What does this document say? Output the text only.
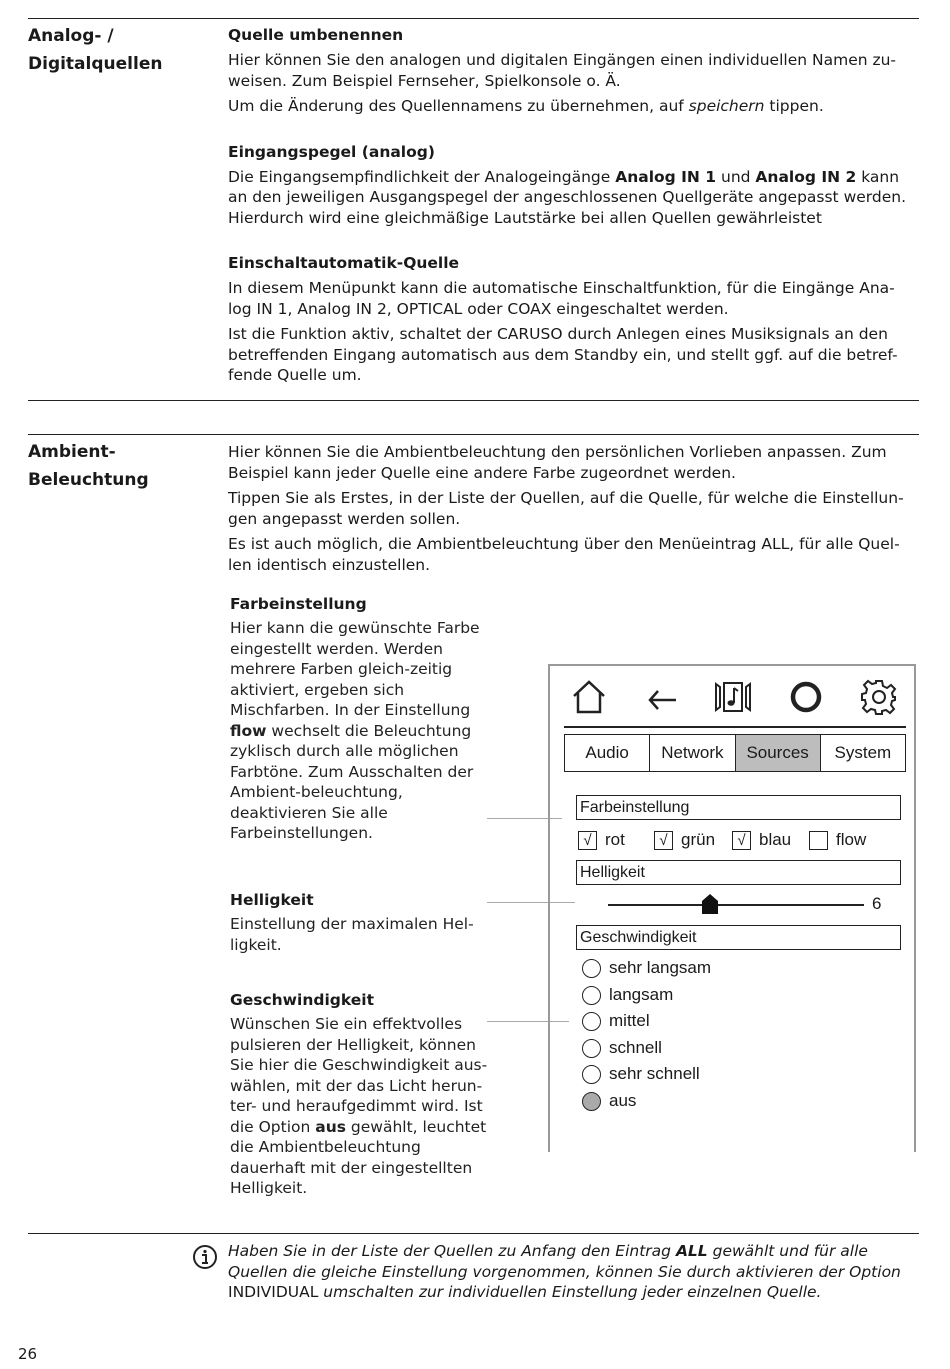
Analog- /
Digitalquellen
Quelle umbenennen

Hier können Sie den analogen und digitalen Eingängen einen individuellen Namen zu-weisen. Zum Beispiel Fernseher, Spielkonsole o. Ä.

Um die Änderung des Quellennamens zu übernehmen, auf speichern tippen.

Eingangspegel (analog)

Die Eingangsempfindlichkeit der Analogeingänge Analog IN 1 und Analog IN 2 kann an den jeweiligen Ausgangspegel der angeschlossenen Quellgeräte angepasst werden. Hierdurch wird eine gleichmäßige Lautstärke bei allen Quellen gewährleistet

Einschaltautomatik-Quelle

In diesem Menüpunkt kann die automatische Einschaltfunktion, für die Eingänge Ana-log IN 1, Analog IN 2, OPTICAL oder COAX eingeschaltet werden.

Ist die Funktion aktiv, schaltet der CARUSO durch Anlegen eines Musiksignals an den betreffenden Eingang automatisch aus dem Standby ein, und stellt ggf. auf die betref-fende Quelle um.

Ambient-
Beleuchtung

Hier können Sie die Ambientbeleuchtung den persönlichen Vorlieben anpassen. Zum Beispiel kann jeder Quelle eine andere Farbe zugeordnet werden.

Tippen Sie als Erstes, in der Liste der Quellen, auf die Quelle, für welche die Einstellun-gen angepasst werden sollen.

Es ist auch möglich, die Ambientbeleuchtung über den Menüeintrag ALL, für alle Quel-len identisch einzustellen.

Farbeinstellung
Hier kann die gewünschte Farbe eingestellt werden. Werden mehrere Farben gleich-zeitig aktiviert, ergeben sich Mischfarben. In der Einstellung flow wechselt die Beleuchtung zyklisch durch alle möglichen Farbtöne. Zum Ausschalten der Ambient-beleuchtung, deaktivieren Sie alle Farbeinstellungen.
Helligkeit
Einstellung der maximalen Hel-ligkeit.
Geschwindigkeit
Wünschen Sie ein effektvolles pulsieren der Helligkeit, können Sie hier die Geschwindigkeit aus-wählen, mit der das Licht herun-ter- und heraufgedimmt wird. Ist die Option aus gewählt, leuchtet die Ambientbeleuchtung dauerhaft mit der eingestellten Helligkeit.
Audio	Network	Sources	System
Farbeinstellung
√ rot	√ grün	√ blau	flow
Helligkeit
6
Geschwindigkeit
sehr langsam
langsam
mittel
schnell
sehr schnell
aus
Haben Sie in der Liste der Quellen zu Anfang den Eintrag ALL gewählt und für alle Quellen die gleiche Einstellung vorgenommen, können Sie durch aktivieren der Option INDIVIDUAL umschalten zur individuellen Einstellung jeder einzelnen Quelle.
26
